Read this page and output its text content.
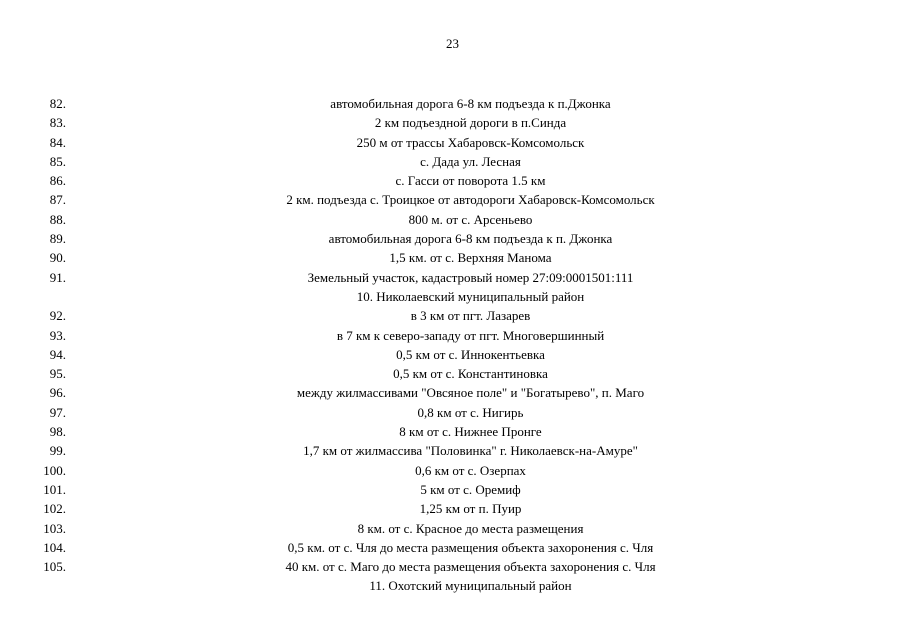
23
82.	автомобильная дорога 6-8 км подъезда к п.Джонка
83.	2 км подъездной дороги в п.Синда
84.	250 м от трассы Хабаровск-Комсомольск
85.	с. Дада ул. Лесная
86.	с. Гасси от поворота 1.5 км
87.	2 км. подъезда с. Троицкое от автодороги Хабаровск-Комсомольск
88.	800 м. от с. Арсеньево
89.	автомобильная дорога 6-8 км подъезда к п. Джонка
90.	1,5 км. от с. Верхняя Манома
91.	Земельный участок, кадастровый номер 27:09:0001501:111
10. Николаевский муниципальный район
92.	в 3 км от пгт. Лазарев
93.	в 7 км к северо-западу от пгт. Многовершинный
94.	0,5 км от с. Иннокентьевка
95.	0,5 км от с. Константиновка
96.	между жилмассивами "Овсяное поле" и "Богатырево", п. Маго
97.	0,8 км от с. Нигирь
98.	8 км от с. Нижнее Пронге
99.	1,7 км от жилмассива "Половинка" г. Николаевск-на-Амуре"
100.	0,6 км от с. Озерпах
101.	5 км от с. Оремиф
102.	1,25 км от п. Пуир
103.	8 км. от с. Красное до места размещения
104.	0,5 км. от с. Чля до места размещения объекта захоронения с. Чля
105.	40 км. от с. Маго до места размещения объекта захоронения с. Чля
11. Охотский муниципальный район
